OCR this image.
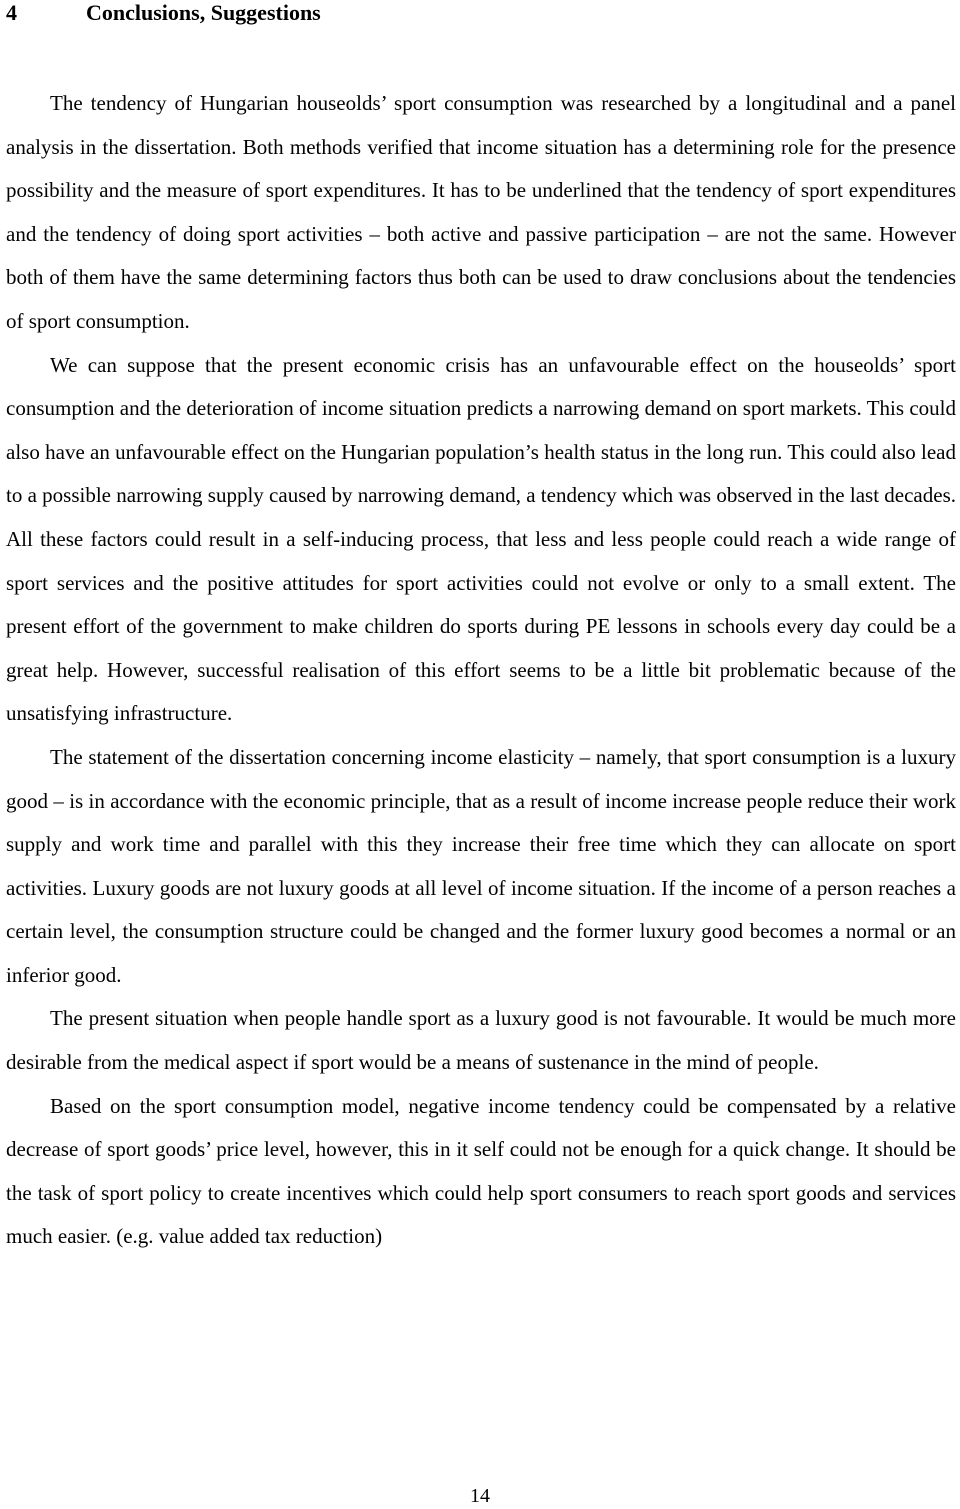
4	Conclusions, Suggestions

The tendency of Hungarian houseolds’ sport consumption was researched by a longitudinal and a panel analysis in the dissertation. Both methods verified that income situation has a determining role for the presence possibility and the measure of sport expenditures. It has to be underlined that the tendency of sport expenditures and the tendency of doing sport activities – both active and passive participation – are not the same. However both of them have the same determining factors thus both can be used to draw conclusions about the tendencies of sport consumption.

We can suppose that the present economic crisis has an unfavourable effect on the houseolds’ sport consumption and the deterioration of income situation predicts a narrowing demand on sport markets. This could also have an unfavourable effect on the Hungarian population’s health status in the long run. This could also lead to a possible narrowing supply caused by narrowing demand, a tendency which was observed in the last decades. All these factors could result in a self-inducing process, that less and less people could reach a wide range of sport services and the positive attitudes for sport activities could not evolve or only to a small extent. The present effort of the government to make children do sports during PE lessons in schools every day could be a great help. However, successful realisation of this effort seems to be a little bit problematic because of the unsatisfying infrastructure.

The statement of the dissertation concerning income elasticity – namely, that sport consumption is a luxury good – is in accordance with the economic principle, that as a result of income increase people reduce their work supply and work time and parallel with this they increase their free time which they can allocate on sport activities. Luxury goods are not luxury goods at all level of income situation. If the income of a person reaches a certain level, the consumption structure could be changed and the former luxury good becomes a normal or an inferior good.

The present situation when people handle sport as a luxury good is not favourable. It would be much more desirable from the medical aspect if sport would be a means of sustenance in the mind of people.

Based on the sport consumption model, negative income tendency could be compensated by a relative decrease of sport goods’ price level, however, this in it self could not be enough for a quick change. It should be the task of sport policy to create incentives which could help sport consumers to reach sport goods and services much easier. (e.g. value added tax reduction)

14
